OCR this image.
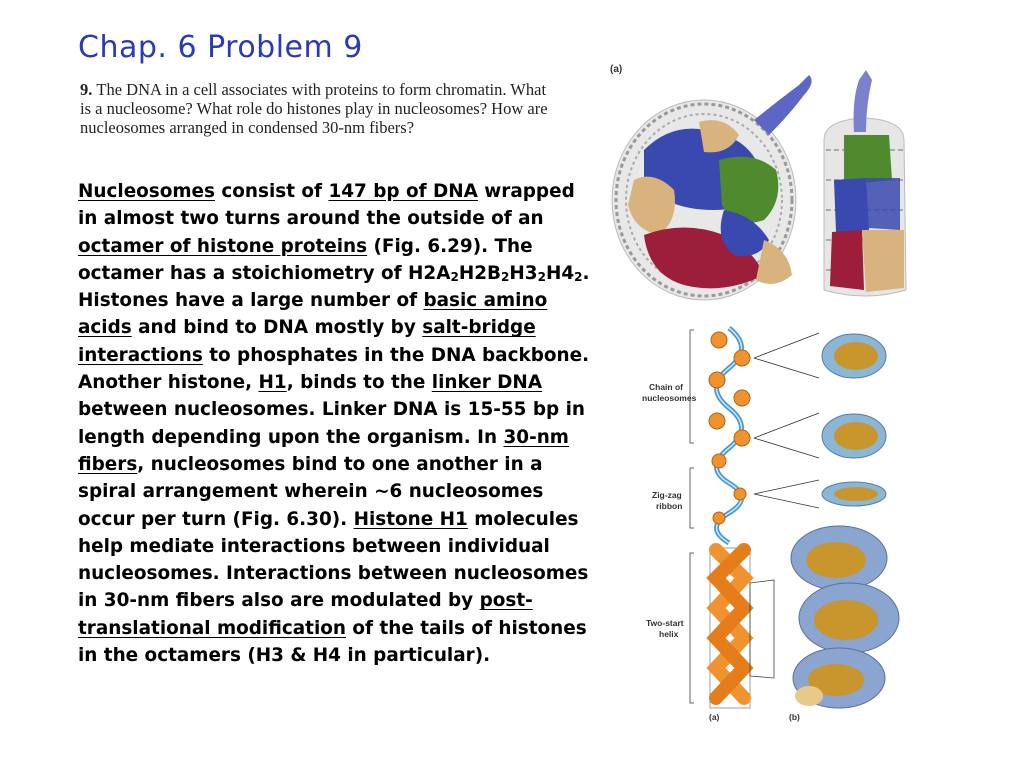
Chap. 6 Problem 9
9. The DNA in a cell associates with proteins to form chromatin. What is a nucleosome? What role do histones play in nucleosomes? How are nucleosomes arranged in condensed 30-nm fibers?
Nucleosomes consist of 147 bp of DNA wrapped in almost two turns around the outside of an octamer of histone proteins (Fig. 6.29). The octamer has a stoichiometry of $H2A_2H2B_2H3_2H4_2$. Histones have a large number of basic amino acids and bind to DNA mostly by salt-bridge interactions to phosphates in the DNA backbone. Another histone, H1, binds to the linker DNA between nucleosomes. Linker DNA is 15-55 bp in length depending upon the organism. In 30-nm fibers, nucleosomes bind to one another in a spiral arrangement wherein ~6 nucleosomes occur per turn (Fig. 6.30). Histone H1 molecules help mediate interactions between individual nucleosomes. Interactions between nucleosomes in 30-nm fibers also are modulated by post-translational modification of the tails of histones in the octamers (H3 & H4 in particular).
(a)
Chain of
nucleosomes
Zig-zag
ribbon
Two-start
helix
(a)	(b)
